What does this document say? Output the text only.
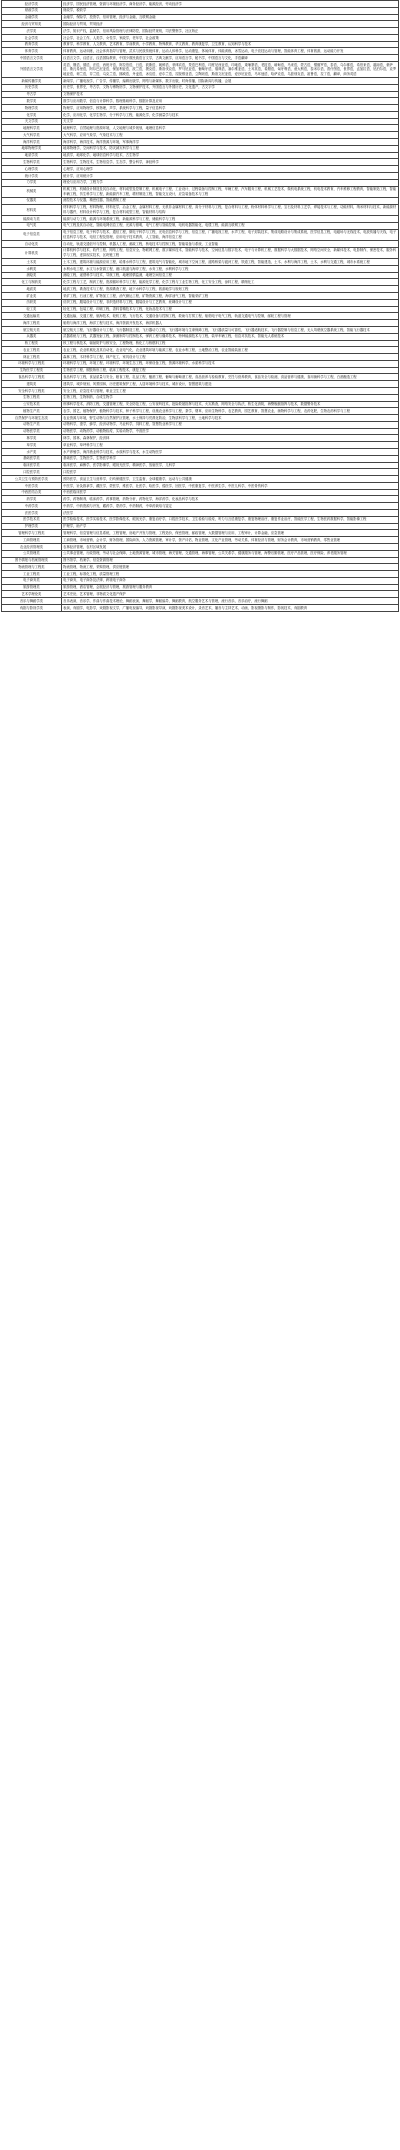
经济学类	经济学，国民经济管理，资源与环境经济学，商务经济学，能源经济，劳动经济学
财政学类	财政学，税收学
金融学类	金融学，保险学，投资学，信用管理，经济与金融，互联网金融
经济与贸易类	国际经济与贸易，贸易经济
法学类	法学，知识产权，监狱学，信用风险管理与法律防控，国际经贸规则，司法警察学，社区矫正
社会学类	社会学，社会工作，人类学，女性学，家政学，老年学，社会政策
教育学类	教育学，科学教育，人文教育，艺术教育，学前教育，小学教育，特殊教育，华文教育，教育康复学，卫生教育，认知科学与技术
体育学类	体育教育，运动训练，社会体育指导与管理，武术与民族传统体育，运动人体科学，运动康复，休闲体育，体能训练，冰雪运动，电子竞技运动与管理，智能体育工程，体育旅游，运动能力开发
中国语言文学类	汉语言文学，汉语言，汉语国际教育，中国少数民族语言文学，古典文献学，应用语言学，秘书学，中国语言与文化，手语翻译
外国语言文学类	英语，俄语，德语，法语，西班牙语，阿拉伯语，日语，波斯语，朝鲜语，菲律宾语，梵语巴利语，印度尼西亚语，印地语，柬埔寨语，老挝语，缅甸语，马来语，蒙古语，僧伽罗语，泰语，乌尔都语，希伯来语，越南语，豪萨语，斯瓦希里语，阿尔巴尼亚语，保加利亚语，波兰语，捷克语，斯洛伐克语，罗马尼亚语，葡萄牙语，瑞典语，塞尔维亚语，土耳其语，希腊语，匈牙利语，意大利语，泰米尔语，普什图语，世界语，孟加拉语，尼泊尔语，克罗地亚语，荷兰语，芬兰语，乌克兰语，挪威语，丹麦语，冰岛语，爱尔兰语，拉脱维亚语，立陶宛语，斯洛文尼亚语，爱沙尼亚语，马耳他语，哈萨克语，乌兹别克语，祖鲁语，拉丁语，翻译，商务英语
新闻传播学类	新闻学，广播电视学，广告学，传播学，编辑出版学，网络与新媒体，数字出版，时尚传播，国际新闻与传播，会展
历史学类	历史学，世界史，考古学，文物与博物馆学，文物保护技术，外国语言与外国历史，文化遗产，古文字学
考古学	文物保护技术
数学类	数学与应用数学，信息与计算科学，数理基础科学，数据计算及应用
物理学类	物理学，应用物理学，核物理，声学，系统科学与工程，量子信息科学
化学类	化学，应用化学，化学生物学，分子科学与工程，能源化学，化学测量学与技术
天文学类	天文学
地理科学类	地理科学，自然地理与资源环境，人文地理与城乡规划，地理信息科学
大气科学类	大气科学，应用气象学，气象技术与工程
海洋科学类	海洋科学，海洋技术，海洋资源与环境，军事海洋学
地球物理学类	地球物理学，空间科学与技术，防灾减灾科学与工程
地质学类	地质学，地球化学，地球信息科学与技术，古生物学
生物科学类	生物科学，生物技术，生物信息学，生态学，整合科学，神经科学
心理学类	心理学，应用心理学
统计学类	统计学，应用统计学
力学类	理论与应用力学，工程力学
机械类	机械工程，机械设计制造及其自动化，材料成型及控制工程，机械电子工程，工业设计，过程装备与控制工程，车辆工程，汽车服务工程，机械工艺技术，微机电系统工程，机电技术教育，汽车维修工程教育，智能制造工程，智能车辆工程，仿生科学与工程，新能源汽车工程，增材制造工程，智能交互设计，应急装备技术与工程
仪器类	测控技术与仪器，精密仪器，智能感知工程
材料类	材料科学与工程，材料物理，材料化学，冶金工程，金属材料工程，无机非金属材料工程，高分子材料与工程，复合材料与工程，粉体材料科学与工程，宝石及材料工艺学，焊接技术与工程，功能材料，纳米材料与技术，新能源材料与器件，材料设计科学与工程，复合材料成型工程，智能材料与结构
能源动力类	能源与动力工程，能源与环境系统工程，新能源科学与工程，储能科学与工程
电气类	电气工程及其自动化，智能电网信息工程，光源与照明，电气工程与智能控制，电机电器智能化，电缆工程，能源互联网工程
电子信息类	电子信息工程，电子科学与技术，通信工程，微电子科学与工程，光电信息科学与工程，信息工程，广播电视工程，水声工程，电子封装技术，集成电路设计与集成系统，医学信息工程，电磁场与无线技术，电波传播与天线，电子信息科学与技术，电信工程及管理，应用电子技术教育，人工智能，海洋信息工程
自动化类	自动化，轨道交通信号与控制，机器人工程，邮政工程，核电技术与控制工程，智能装备与系统，工业智能
计算机类	计算机科学与技术，软件工程，网络工程，信息安全，物联网工程，数字媒体技术，智能科学与技术，空间信息与数字技术，电子与计算机工程，数据科学与大数据技术，网络空间安全，新媒体技术，电影制作，保密技术，服务科学与工程，虚拟现实技术，区块链工程
土木类	土木工程，建筑环境与能源应用工程，给排水科学与工程，建筑电气与智能化，城市地下空间工程，道路桥梁与渡河工程，铁道工程，智能建造，土木、水利与海洋工程，土木、水利与交通工程，城市水系统工程
水利类	水利水电工程，水文与水资源工程，港口航道与海岸工程，水务工程，水利科学与工程
测绘类	测绘工程，遥感科学与技术，导航工程，地理国情监测，地理空间信息工程
化工与制药类	化学工程与工艺，制药工程，资源循环科学与工程，能源化学工程，化学工程与工业生物工程，化工安全工程，涂料工程，精细化工
地质类	地质工程，勘查技术与工程，资源勘查工程，地下水科学与工程，旅游地学与规划工程
矿业类	采矿工程，石油工程，矿物加工工程，油气储运工程，矿物资源工程，海洋油气工程，智能采矿工程
纺织类	纺织工程，服装设计与工程，非织造材料与工程，服装设计与工艺教育，丝绸设计与工程
轻工类	轻化工程，包装工程，印刷工程，香料香精技术与工程，化妆品技术与工程
交通运输类	交通运输，交通工程，航海技术，轮机工程，飞行技术，交通设备与控制工程，救助与打捞工程，船舶电子电气工程，轨道交通电气与控制，邮轮工程与管理
海洋工程类	船舶与海洋工程，海洋工程与技术，海洋资源开发技术，海洋机器人
航空航天类	航空航天工程，飞行器设计与工程，飞行器制造工程，飞行器动力工程，飞行器环境与生命保障工程，飞行器质量与可靠性，飞行器适航技术，飞行器控制与信息工程，无人驾驶航空器系统工程，智能飞行器技术
兵器类	武器系统与工程，武器发射工程，探测制导与控制技术，弹药工程与爆炸技术，特种能源技术与工程，装甲车辆工程，信息对抗技术，智能无人系统技术
核工程类	核工程与核技术，辐射防护与核安全，工程物理，核化工与核燃料工程
农业工程类	农业工程，农业机械化及其自动化，农业电气化，农业建筑环境与能源工程，农业水利工程，土地整治工程，农业智能装备工程
林业工程类	森林工程，木材科学与工程，林产化工，家具设计与工程
环境科学与工程类	环境科学与工程，环境工程，环境科学，环境生态工程，环保设备工程，资源环境科学，水质科学与技术
生物医学工程类	生物医学工程，假肢矫形工程，临床工程技术，康复工程
食品科学与工程类	食品科学与工程，食品质量与安全，粮食工程，乳品工程，酿酒工程，葡萄与葡萄酒工程，食品营养与检验教育，烹饪与营养教育，食品安全与检测，食品营养与健康，食用菌科学与工程，白酒酿造工程
建筑类	建筑学，城乡规划，风景园林，历史建筑保护工程，人居环境科学与技术，城市设计，智慧建筑与建造
安全科学与工程类	安全工程，应急技术与管理，职业卫生工程
生物工程类	生物工程，生物制药，合成生物学
公安技术类	刑事科学技术，消防工程，交通管理工程，安全防范工程，公安视听技术，抢险救援指挥与技术，火灾勘查，网络安全与执法，核生化消防，海警舰艇指挥与技术，数据警务技术
植物生产类	农学，园艺，植物保护，植物科学与技术，种子科学与工程，设施农业科学与工程，茶学，烟草，应用生物科学，农艺教育，园艺教育，智慧农业，菌物科学与工程，农药化肥，生物农药科学与工程
自然保护与环境生态类	农业资源与环境，野生动物与自然保护区管理，水土保持与荒漠化防治，生物质科学与工程，土地科学与技术
动物生产类	动物科学，蚕学，蜂学，经济动物学，马业科学，饲料工程，智慧牧业科学与工程
动物医学类	动物医学，动物药学，动植物检疫，实验动物学，中兽医学
林学类	林学，园林，森林保护，经济林
草学类	草业科学，草坪科学与工程
水产类	水产养殖学，海洋渔业科学与技术，水族科学与技术，水生动物医学
基础医学类	基础医学，生物医学，生物医学科学
临床医学类	临床医学，麻醉学，医学影像学，眼视光医学，精神医学，放射医学，儿科学
口腔医学类	口腔医学
公共卫生与预防医学类	预防医学，食品卫生与营养学，妇幼保健医学，卫生监督，全球健康学，运动与公共健康
中医学类	中医学，针灸推拿学，藏医学，蒙医学，维医学，壮医学，哈医学，傣医学，回医学，中医康复学，中医养生学，中医儿科学，中医骨伤科学
中西医结合类	中西医临床医学
药学类	药学，药物制剂，临床药学，药事管理，药物分析，药物化学，海洋药学，化妆品科学与技术
中药学类	中药学，中药资源与开发，藏药学，蒙药学，中药制药，中草药栽培与鉴定
法医学类	法医学
医学技术类	医学检验技术，医学实验技术，医学影像技术，眼视光学，康复治疗学，口腔医学技术，卫生检验与检疫，听力与言语康复学，康复物理治疗，康复作业治疗，智能医学工程，生物医药数据科学，智能影像工程
护理学类	护理学，助产学
管理科学与工程类	管理科学，信息管理与信息系统，工程管理，房地产开发与管理，工程造价，保密管理，邮政管理，大数据管理与应用，工程审计，计算金融，应急管理
工商管理类	工商管理，市场营销，会计学，财务管理，国际商务，人力资源管理，审计学，资产评估，物业管理，文化产业管理，劳动关系，体育经济与管理，财务会计教育，市场营销教育，零售业管理
农业经济管理类	农林经济管理，农村区域发展
公共管理类	公共事业管理，行政管理，劳动与社会保障，土地资源管理，城市管理，海关管理，交通管理，海事管理，公共关系学，健康服务与管理，海警后勤管理，医疗产品管理，医疗保险，养老服务管理
图书情报与档案管理类	图书馆学，档案学，信息资源管理
物流管理与工程类	物流管理，物流工程，采购管理，供应链管理
工业工程类	工业工程，标准化工程，质量管理工程
电子商务类	电子商务，电子商务及法律，跨境电子商务
旅游管理类	旅游管理，酒店管理，会展经济与管理，旅游管理与服务教育
艺术学理论类	艺术史论，艺术管理，非物质文化遗产保护
音乐与舞蹈学类	音乐表演，音乐学，作曲与作曲技术理论，舞蹈表演，舞蹈学，舞蹈编导，舞蹈教育，航空服务艺术与管理，流行音乐，音乐治疗，流行舞蹈
戏剧与影视学类	表演，戏剧学，电影学，戏剧影视文学，广播电视编导，戏剧影视导演，戏剧影视美术设计，录音艺术，播音与主持艺术，动画，影视摄影与制作，影视技术，戏剧教育
